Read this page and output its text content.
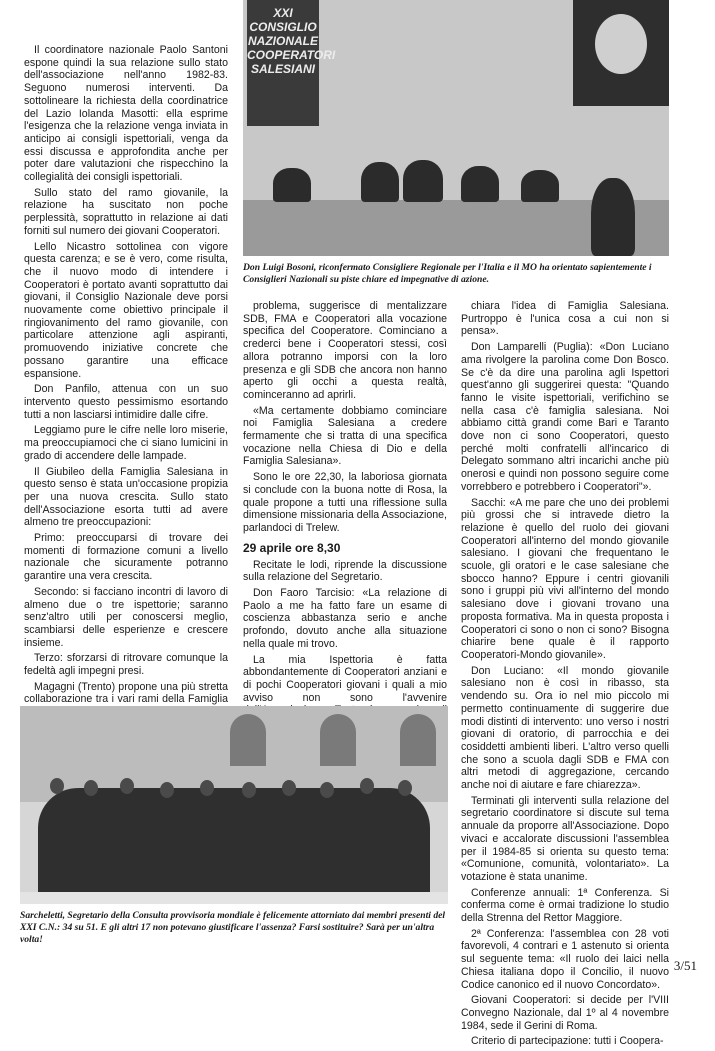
XXI CONSIGLIO NAZIONALE COOPERATORI SALESIANI
Don Luigi Bosoni, riconfermato Consigliere Regionale per l'Italia e il MO ha orientato sapientemente i Consiglieri Nazionali su piste chiare ed impegnative di azione.

Il coordinatore nazionale Paolo Santoni espone quindi la sua relazione sullo stato dell'associazione nell'anno 1982-83. Seguono numerosi interventi. Da sottolineare la richiesta della coordinatrice del Lazio Iolanda Masotti: ella esprime l'esigenza che la relazione venga inviata in anticipo ai consigli ispettoriali, venga da essi discussa e approfondita anche per poter dare valutazioni che rispecchino la collegialità dei consigli ispettoriali.

Sullo stato del ramo giovanile, la relazione ha suscitato non poche perplessità, soprattutto in relazione ai dati forniti sul numero dei giovani Cooperatori.

Lello Nicastro sottolinea con vigore questa carenza; e se è vero, come risulta, che il nuovo modo di intendere i Cooperatori è portato avanti soprattutto dai giovani, il Consiglio Nazionale deve porsi nuovamente come obiettivo principale il ringiovanimento del ramo giovanile, con particolare attenzione agli aspiranti, promuovendo iniziative concrete che possano garantire una efficace espansione.

Don Panfilo, attenua con un suo intervento questo pessimismo esortando tutti a non lasciarsi intimidire dalle cifre.

Leggiamo pure le cifre nelle loro miserie, ma preoccupiamoci che ci siano lumicini in grado di accendere delle lampade.

Il Giubileo della Famiglia Salesiana in questo senso è stata un'occasione propizia per una nuova crescita. Sullo stato dell'Associazione esorta tutti ad avere almeno tre preoccupazioni:

Primo: preoccuparsi di trovare dei momenti di formazione comuni a livello nazionale che sicuramente potranno garantire una vera crescita.

Secondo: si facciano incontri di lavoro di almeno due o tre ispettorie; saranno senz'altro utili per conoscersi meglio, scambiarsi delle esperienze e crescere insieme.

Terzo: sforzarsi di ritrovare comunque la fedeltà agli impegni presi.

Magagni (Trento) propone una più stretta collaborazione tra i vari rami della Famiglia

problema, suggerisce di mentalizzare SDB, FMA e Cooperatori alla vocazione specifica del Cooperatore. Cominciano a crederci bene i Cooperatori stessi, così allora potranno imporsi con la loro presenza e gli SDB che ancora non hanno aperto gli occhi a questa realtà, cominceranno ad aprirli.

«Ma certamente dobbiamo cominciare noi Famiglia Salesiana a credere fermamente che si tratta di una specifica vocazione nella Chiesa di Dio e della Famiglia Salesiana».

Sono le ore 22,30, la laboriosa giornata si conclude con la buona notte di Rosa, la quale propone a tutti una riflessione sulla dimensione missionaria della Associazione, parlandoci di Trelew.

29 aprile ore 8,30

Recitate le lodi, riprende la discussione sulla relazione del Segretario.

Don Faoro Tarcisio: «La relazione di Paolo a me ha fatto fare un esame di coscienza abbastanza serio e anche profondo, dovuto anche alla situazione nella quale mi trovo.

La mia Ispettoria è fatta abbondantemente di Cooperatori anziani e di pochi Cooperatori giovani i quali a mio avviso non sono l'avvenire

chiara l'idea di Famiglia Salesiana. Purtroppo è l'unica cosa a cui non si pensa».

Don Lamparelli (Puglia): «Don Luciano ama rivolgere la parolina come Don Bosco. Se c'è da dire una parolina agli Ispettori quest'anno gli suggerirei questa: "Quando fanno le visite ispettoriali, verifichino se nella casa c'è famiglia salesiana. Noi abbiamo città grandi come Bari e Taranto dove non ci sono Cooperatori, questo perché molti confratelli all'incarico di Delegato sommano altri incarichi anche più onerosi e quindi non possono seguire come vorrebbero e potrebbero i Cooperatori"».

Sacchi: «A me pare che uno dei problemi più grossi che si intravede dietro la relazione è quello del ruolo dei giovani Cooperatori all'interno del mondo giovanile salesiano. I giovani che frequentano le scuole, gli oratori e le case salesiane che sbocco hanno? Eppure i centri giovanili sono i gruppi più vivi all'interno del mondo salesiano dove i giovani trovano una proposta formativa. Ma in questa proposta i Cooperatori ci sono o non ci sono? Bisogna chiarire bene quale è il rapporto Cooperatori-Mondo giovanile».

Don Luciano: «Il mondo giovanile salesiano non è così in ribasso, sta vendendo su. Ora io nel mio piccolo mi permetto continuamente di suggerire due modi distinti di intervento: uno verso i nostri giovani di oratorio, di parrocchia e dei cosiddetti ambienti liberi. L'altro verso quelli che sono a scuola dagli SDB e FMA con altri metodi di aggregazione, cercando anche noi di aiutare e fare chiarezza».

Terminati gli interventi sulla relazione del segretario coordinatore si discute sul tema annuale da proporre all'Associazione. Dopo vivaci e accalorate discussioni l'assemblea per il 1984-85 si orienta su questo tema: «Comunione, comunità, volontariato». La votazione è stata unanime.

Conferenze annuali: 1ª Conferenza. Si conferma come è ormai tradizione lo studio della Strenna del Rettor Maggiore.

2ª Conferenza: l'assemblea con 28 voti favorevoli, 4 contrari e 1 astenuto si orienta sul seguente tema: «Il ruolo dei laici nella Chiesa italiana dopo il Concilio, il nuovo Codice canonico ed il nuovo Concordato».

Giovani Cooperatori: si decide per l'VIII Convegno Nazionale, dal 1º al 4 novembre 1984, sede il Gerini di Roma.

Criterio di partecipazione: tutti i Coopera-

Sarcheletti, Segretario della Consulta provvisoria mondiale è felicemente attorniato dai membri presenti del XXI C.N.: 34 su 51. E gli altri 17 non potevano giustificare l'assenza? Farsi sostituire? Sarà per un'altra volta!
3/51
